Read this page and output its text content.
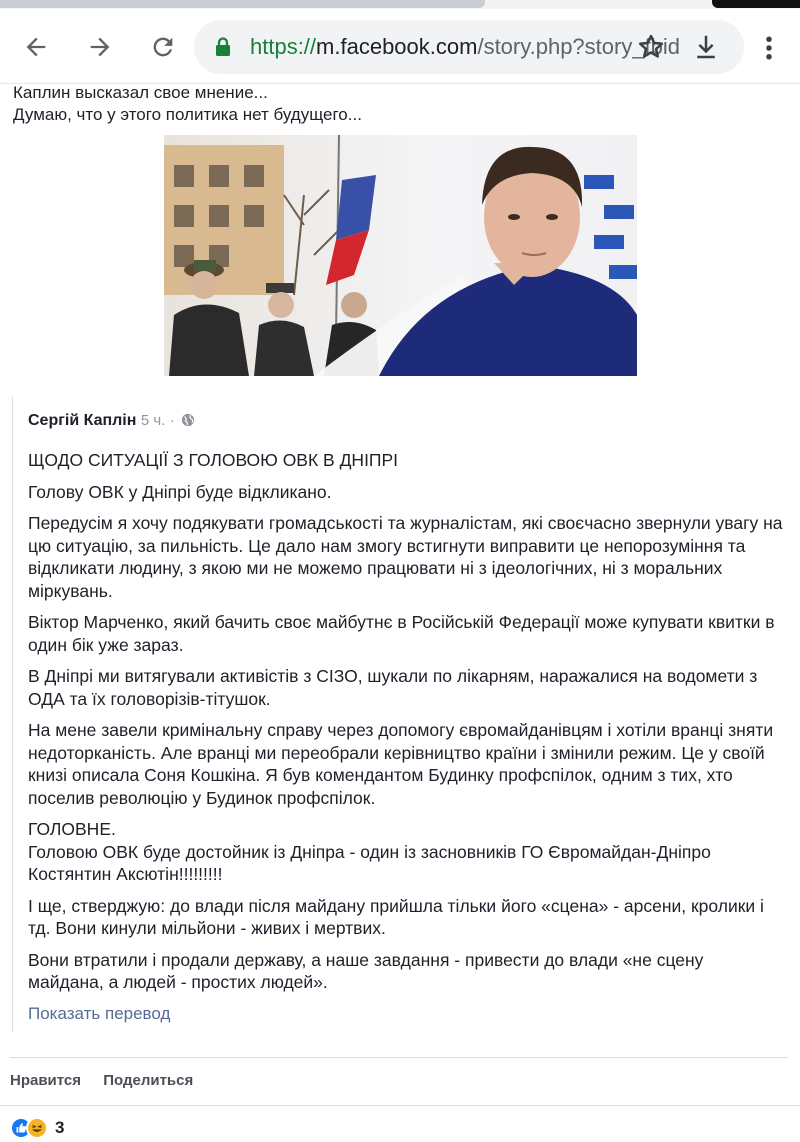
https://m.facebook.com/story.php?story_fbid
Каплин высказал свое мнение...
Думаю, что у этого политика нет будущего...
Сергій Каплін 5 ч. ·

ЩОДО СИТУАЦІЇ З ГОЛОВОЮ ОВК В ДНІПРІ

Голову ОВК у Дніпрі буде відкликано.

Передусім я хочу подякувати громадськості та журналістам, які своєчасно звернули увагу на цю ситуацію, за пильність. Це дало нам змогу встигнути виправити це непорозуміння та відкликати людину, з якою ми не можемо працювати ні з ідеологічних, ні з моральних міркувань.

Віктор Марченко, який бачить своє майбутнє в Російській Федерації може купувати квитки в один бік уже зараз.

В Дніпрі ми витягували активістів з СІЗО, шукали по лікарням, наражалися на водомети з ОДА та їх головорізів-тітушок.

На мене завели кримінальну справу через допомогу євромайданівцям і хотіли вранці зняти недоторканість. Але вранці ми переобрали керівництво країни і змінили режим. Це у своїй книзі описала Соня Кошкіна. Я був комендантом Будинку профспілок, одним з тих, хто поселив революцію у Будинок профспілок.

ГОЛОВНЕ.
Головою ОВК буде достойник із Дніпра - один із засновників ГО Євромайдан-Дніпро Костянтин Аксютін!!!!!!!!!

І ще, стверджую: до влади після майдану прийшла тільки його «сцена» - арсени, кролики і тд. Вони кинули мільйони - живих і мертвих.

Вони втратили і продали державу, а наше завдання - привести до влади «не сцену майдана, а людей - простих людей».

Показать перевод
Нравится Поделиться
3
